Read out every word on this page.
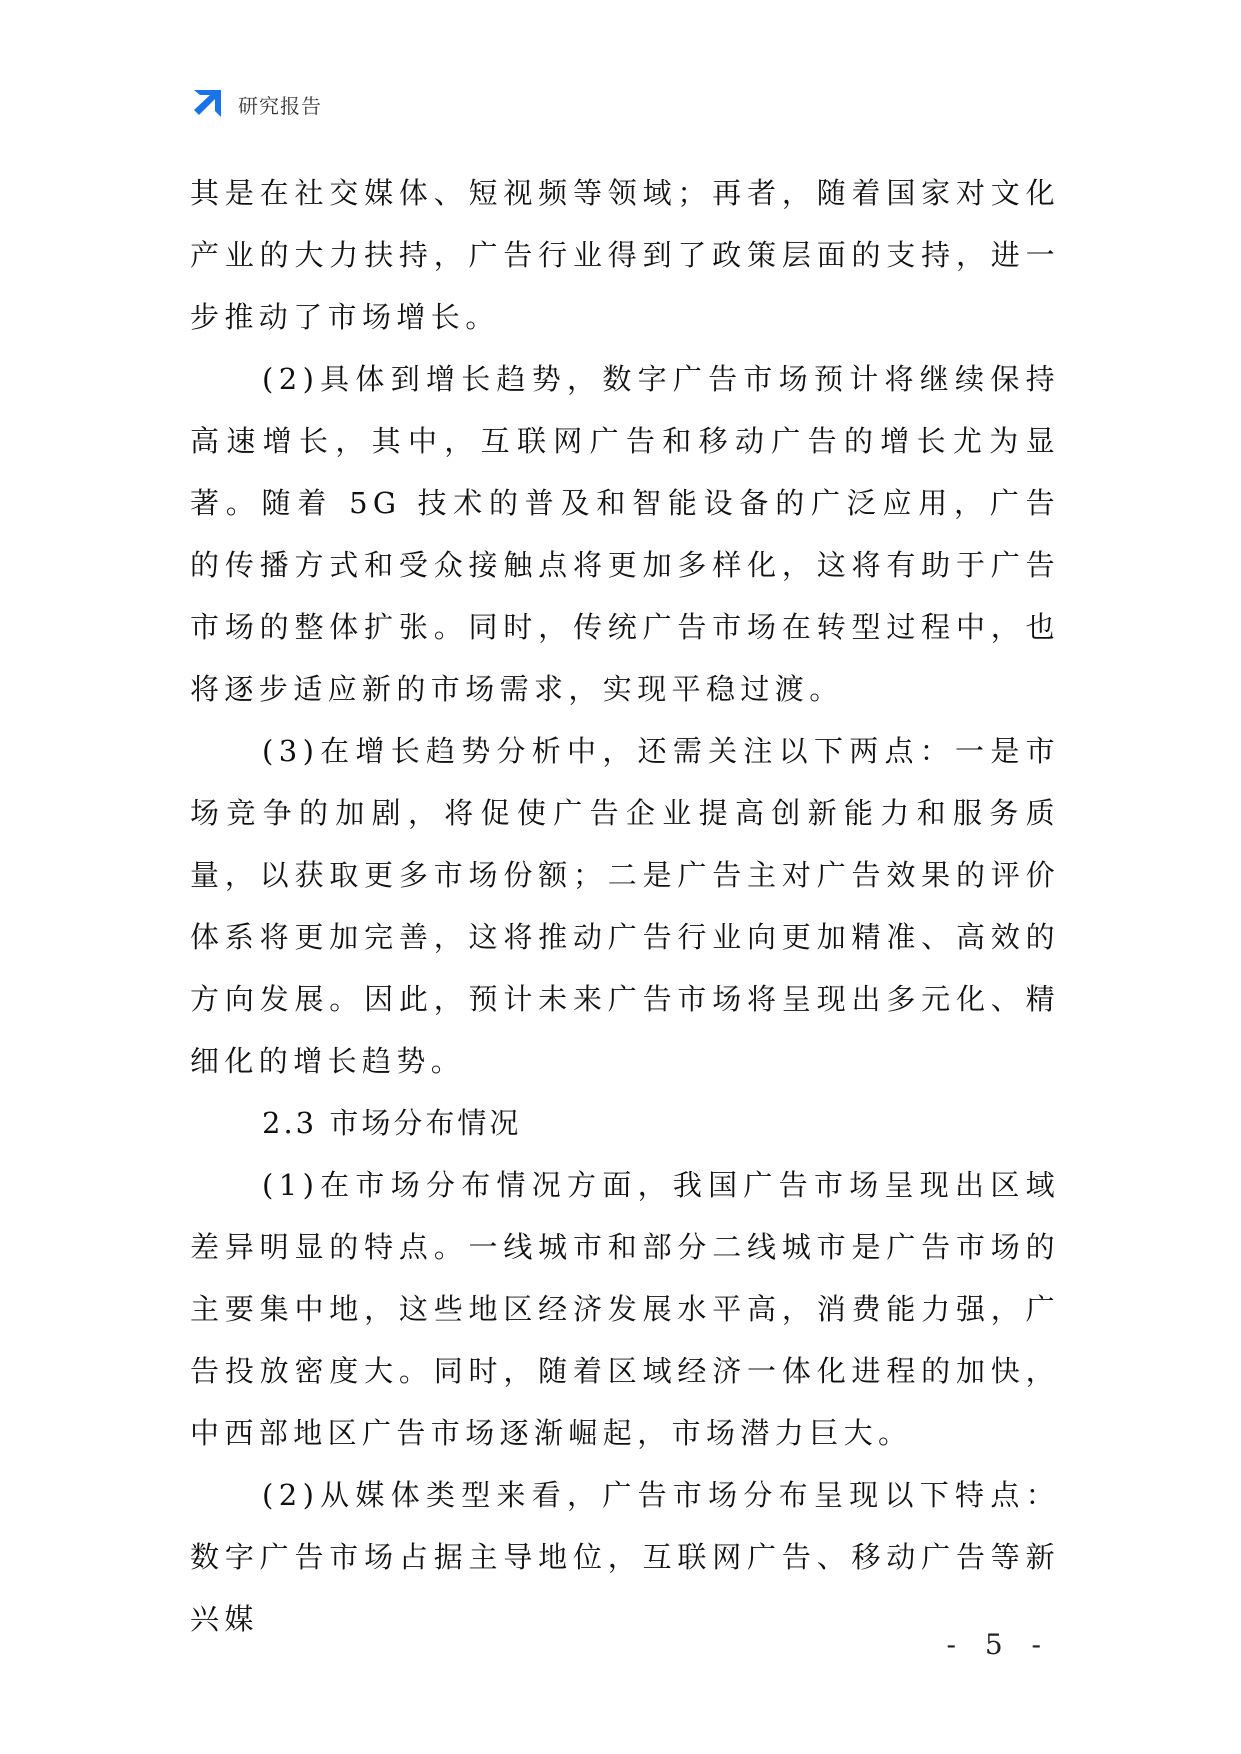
研究报告

其是在社交媒体、短视频等领域；再者，随着国家对文化产业的大力扶持，广告行业得到了政策层面的支持，进一步推动了市场增长。

(2)具体到增长趋势，数字广告市场预计将继续保持高速增长，其中，互联网广告和移动广告的增长尤为显著。随着 5G 技术的普及和智能设备的广泛应用，广告的传播方式和受众接触点将更加多样化，这将有助于广告市场的整体扩张。同时，传统广告市场在转型过程中，也将逐步适应新的市场需求，实现平稳过渡。

(3)在增长趋势分析中，还需关注以下两点：一是市场竞争的加剧，将促使广告企业提高创新能力和服务质量，以获取更多市场份额；二是广告主对广告效果的评价体系将更加完善，这将推动广告行业向更加精准、高效的方向发展。因此，预计未来广告市场将呈现出多元化、精细化的增长趋势。

2.3 市场分布情况

(1)在市场分布情况方面，我国广告市场呈现出区域差异明显的特点。一线城市和部分二线城市是广告市场的主要集中地，这些地区经济发展水平高，消费能力强，广告投放密度大。同时，随着区域经济一体化进程的加快，中西部地区广告市场逐渐崛起，市场潜力巨大。

(2)从媒体类型来看，广告市场分布呈现以下特点：数字广告市场占据主导地位，互联网广告、移动广告等新兴媒

- 5 -
